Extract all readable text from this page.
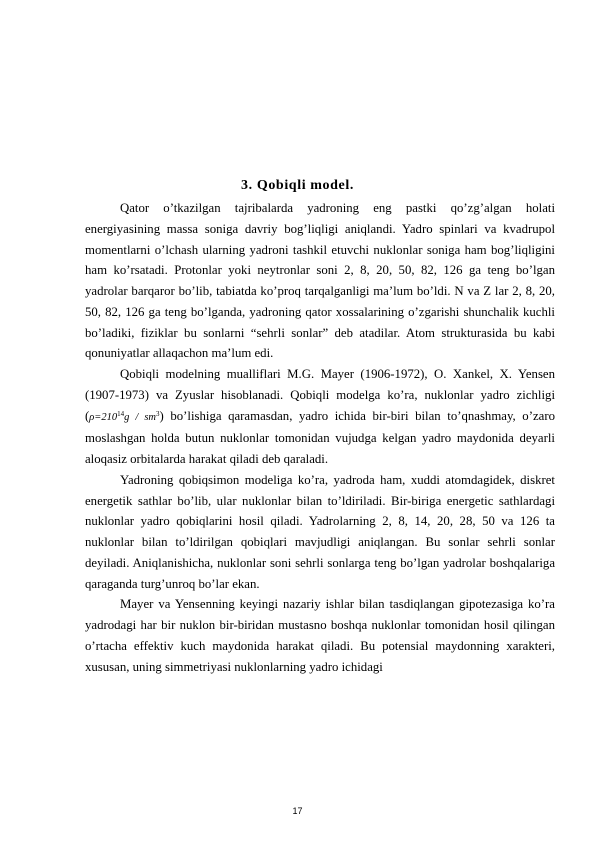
3. Qobiqli model.

Qator o’tkazilgan tajribalarda yadroning eng pastki qo’zg’algan holati energiyasining massa soniga davriy bog’liqligi aniqlandi. Yadro spinlari va kvadrupol momentlarni o’lchash ularning yadroni tashkil etuvchi nuklonlar soniga ham bog’liqligini ham ko’rsatadi. Protonlar yoki neytronlar soni 2, 8, 20, 50, 82, 126 ga teng bo’lgan yadrolar barqaror bo’lib, tabiatda ko’proq tarqalganligi ma’lum bo’ldi. N va Z lar 2, 8, 20, 50, 82, 126 ga teng bo’lganda, yadroning qator xossalarining o’zgarishi shunchalik kuchli bo’ladiki, fiziklar bu sonlarni “sehrli sonlar” deb atadilar. Atom strukturasida bu kabi qonuniyatlar allaqachon ma’lum edi.

Qobiqli modelning mualliflari M.G. Mayer (1906-1972), O. Xankel, X. Yensen (1907-1973) va Zyuslar hisoblanadi. Qobiqli modelga ko’ra, nuklonlar yadro zichligi $(\rho=210^{14}g / sm^3)$ bo’lishiga qaramasdan, yadro ichida bir-biri bilan to’qnashmay, o’zaro moslashgan holda butun nuklonlar tomonidan vujudga kelgan yadro maydonida deyarli aloqasiz orbitalarda harakat qiladi deb qaraladi.

Yadroning qobiqsimon modeliga ko’ra, yadroda ham, xuddi atomdagidek, diskret energetik sathlar bo’lib, ular nuklonlar bilan to’ldiriladi. Bir-biriga energetic sathlardagi nuklonlar yadro qobiqlarini hosil qiladi. Yadrolarning 2, 8, 14, 20, 28, 50 va 126 ta nuklonlar bilan to’ldirilgan qobiqlari mavjudligi aniqlangan. Bu sonlar sehrli sonlar deyiladi. Aniqlanishicha, nuklonlar soni sehrli sonlarga teng bo’lgan yadrolar boshqalariga qaraganda turg’unroq bo’lar ekan.

Mayer va Yensenning keyingi nazariy ishlar bilan tasdiqlangan gipotezasiga ko’ra yadrodagi har bir nuklon bir-biridan mustasno boshqa nuklonlar tomonidan hosil qilingan o’rtacha effektiv kuch maydonida harakat qiladi. Bu potensial maydonning xarakteri, xususan, uning simmetriyasi nuklonlarning yadro ichidagi

17
